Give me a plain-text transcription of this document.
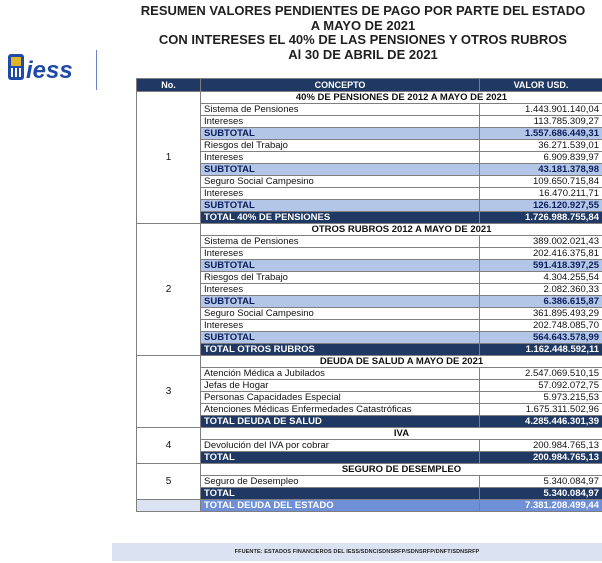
iess
RESUMEN VALORES PENDIENTES DE PAGO POR PARTE DEL ESTADO
A MAYO DE 2021
CON INTERESES EL 40% DE LAS PENSIONES Y OTROS RUBROS
Al 30 DE ABRIL DE 2021
No.	CONCEPTO	VALOR USD.
1	40% DE PENSIONES DE 2012 A MAYO DE 2021	
	Sistema de Pensiones	1.443.901.140,04
	Intereses	113.785.309,27
	SUBTOTAL	1.557.686.449,31
	Riesgos del Trabajo	36.271.539,01
	Intereses	6.909.839,97
	SUBTOTAL	43.181.378,98
	Seguro Social Campesino	109.650.715,84
	Intereses	16.470.211,71
	SUBTOTAL	126.120.927,55
	TOTAL 40% DE PENSIONES	1.726.988.755,84
2	OTROS RUBROS 2012 A MAYO DE 2021	
	Sistema de Pensiones	389.002.021,43
	Intereses	202.416.375,81
	SUBTOTAL	591.418.397,25
	Riesgos del Trabajo	4.304.255,54
	Intereses	2.082.360,33
	SUBTOTAL	6.386.615,87
	Seguro Social Campesino	361.895.493,29
	Intereses	202.748.085,70
	SUBTOTAL	564.643.578,99
	TOTAL OTROS RUBROS	1.162.448.592,11
3	DEUDA DE SALUD A MAYO DE 2021	
	Atención Médica a Jubilados	2.547.069.510,15
	Jefas de Hogar	57.092.072,75
	Personas Capacidades Especial	5.973.215,53
	Atenciones Médicas Enfermedades Catastróficas	1.675.311.502,96
	TOTAL DEUDA DE SALUD	4.285.446.301,39
4	IVA	
	Devolución del IVA por cobrar	200.984.765,13
	TOTAL	200.984.765,13
5	SEGURO DE DESEMPLEO	
	Seguro de Desempleo	5.340.084,97
	TOTAL	5.340.084,97
	TOTAL DEUDA DEL ESTADO	7.381.208.499,44
FFUENTE: ESTADOS FINANCIEROS DEL IESS/SDNC/SDNSRFP/SDNSRFP/DNFT/SDNSRFP
